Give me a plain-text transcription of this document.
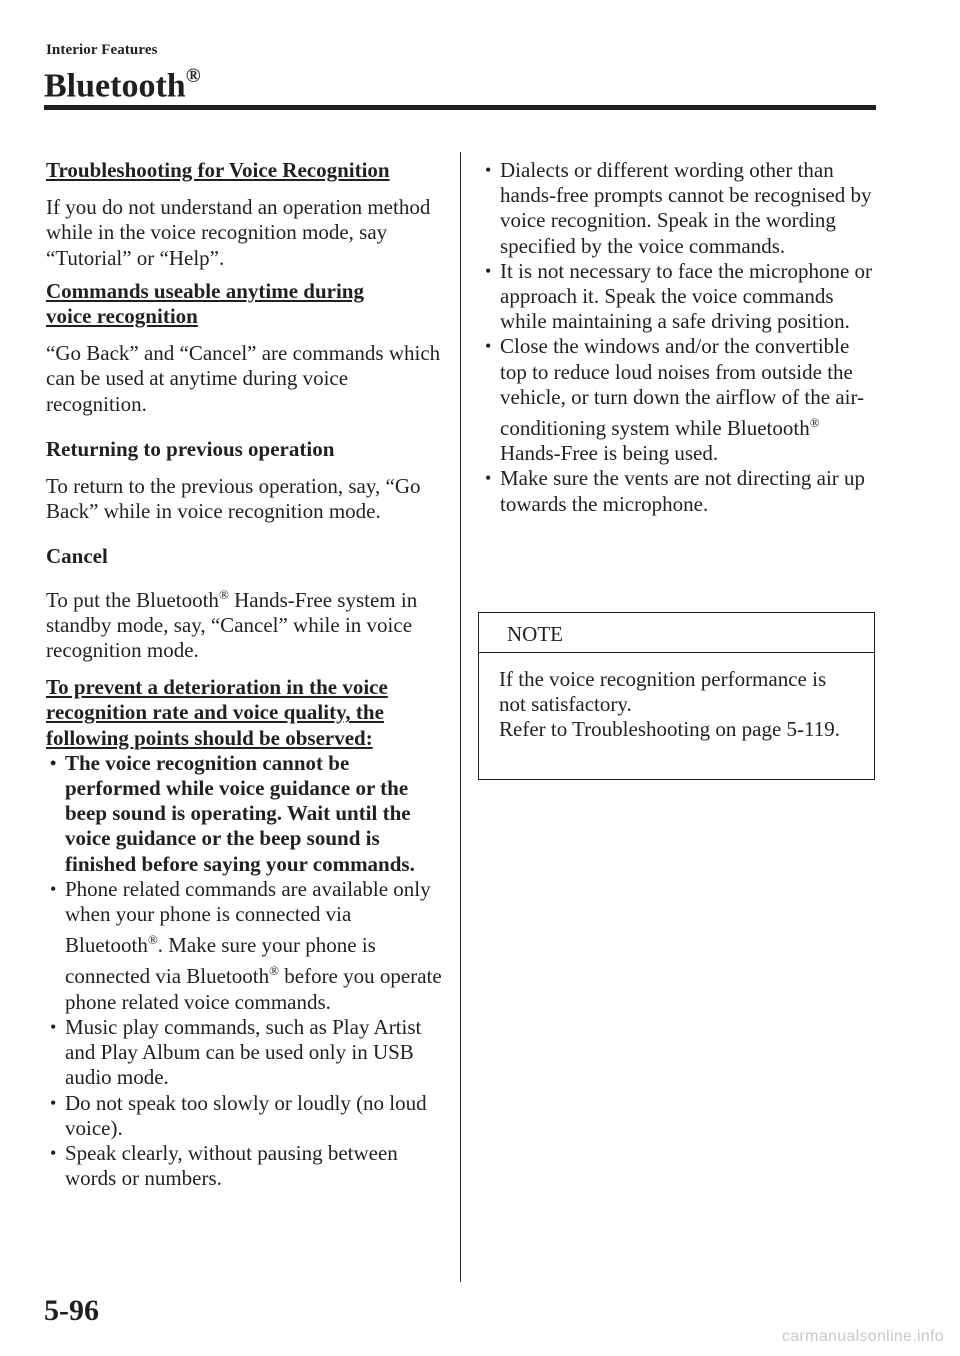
Interior Features
Bluetooth®

Troubleshooting for Voice Recognition

If you do not understand an operation method while in the voice recognition mode, say “Tutorial” or “Help”.

Commands useable anytime during
voice recognition

“Go Back” and “Cancel” are commands which can be used at anytime during voice recognition.

Returning to previous operation

To return to the previous operation, say, “Go Back” while in voice recognition mode.

Cancel

To put the Bluetooth® Hands-Free system in standby mode, say, “Cancel” while in voice recognition mode.

To prevent a deterioration in the voice
recognition rate and voice quality, the
following points should be observed:

• The voice recognition cannot be performed while voice guidance or the beep sound is operating. Wait until the voice guidance or the beep sound is finished before saying your commands.
• Phone related commands are available only when your phone is connected via Bluetooth®. Make sure your phone is connected via Bluetooth® before you operate phone related voice commands.
• Music play commands, such as Play Artist and Play Album can be used only in USB audio mode.
• Do not speak too slowly or loudly (no loud voice).
• Speak clearly, without pausing between words or numbers.
• Dialects or different wording other than hands-free prompts cannot be recognised by voice recognition. Speak in the wording specified by the voice commands.
• It is not necessary to face the microphone or approach it. Speak the voice commands while maintaining a safe driving position.
• Close the windows and/or the convertible top to reduce loud noises from outside the vehicle, or turn down the airflow of the air-conditioning system while Bluetooth® Hands-Free is being used.
• Make sure the vents are not directing air up towards the microphone.
NOTE

If the voice recognition performance is not satisfactory.

Refer to Troubleshooting on page 5-119.

5-96
carmanualsonline.info
